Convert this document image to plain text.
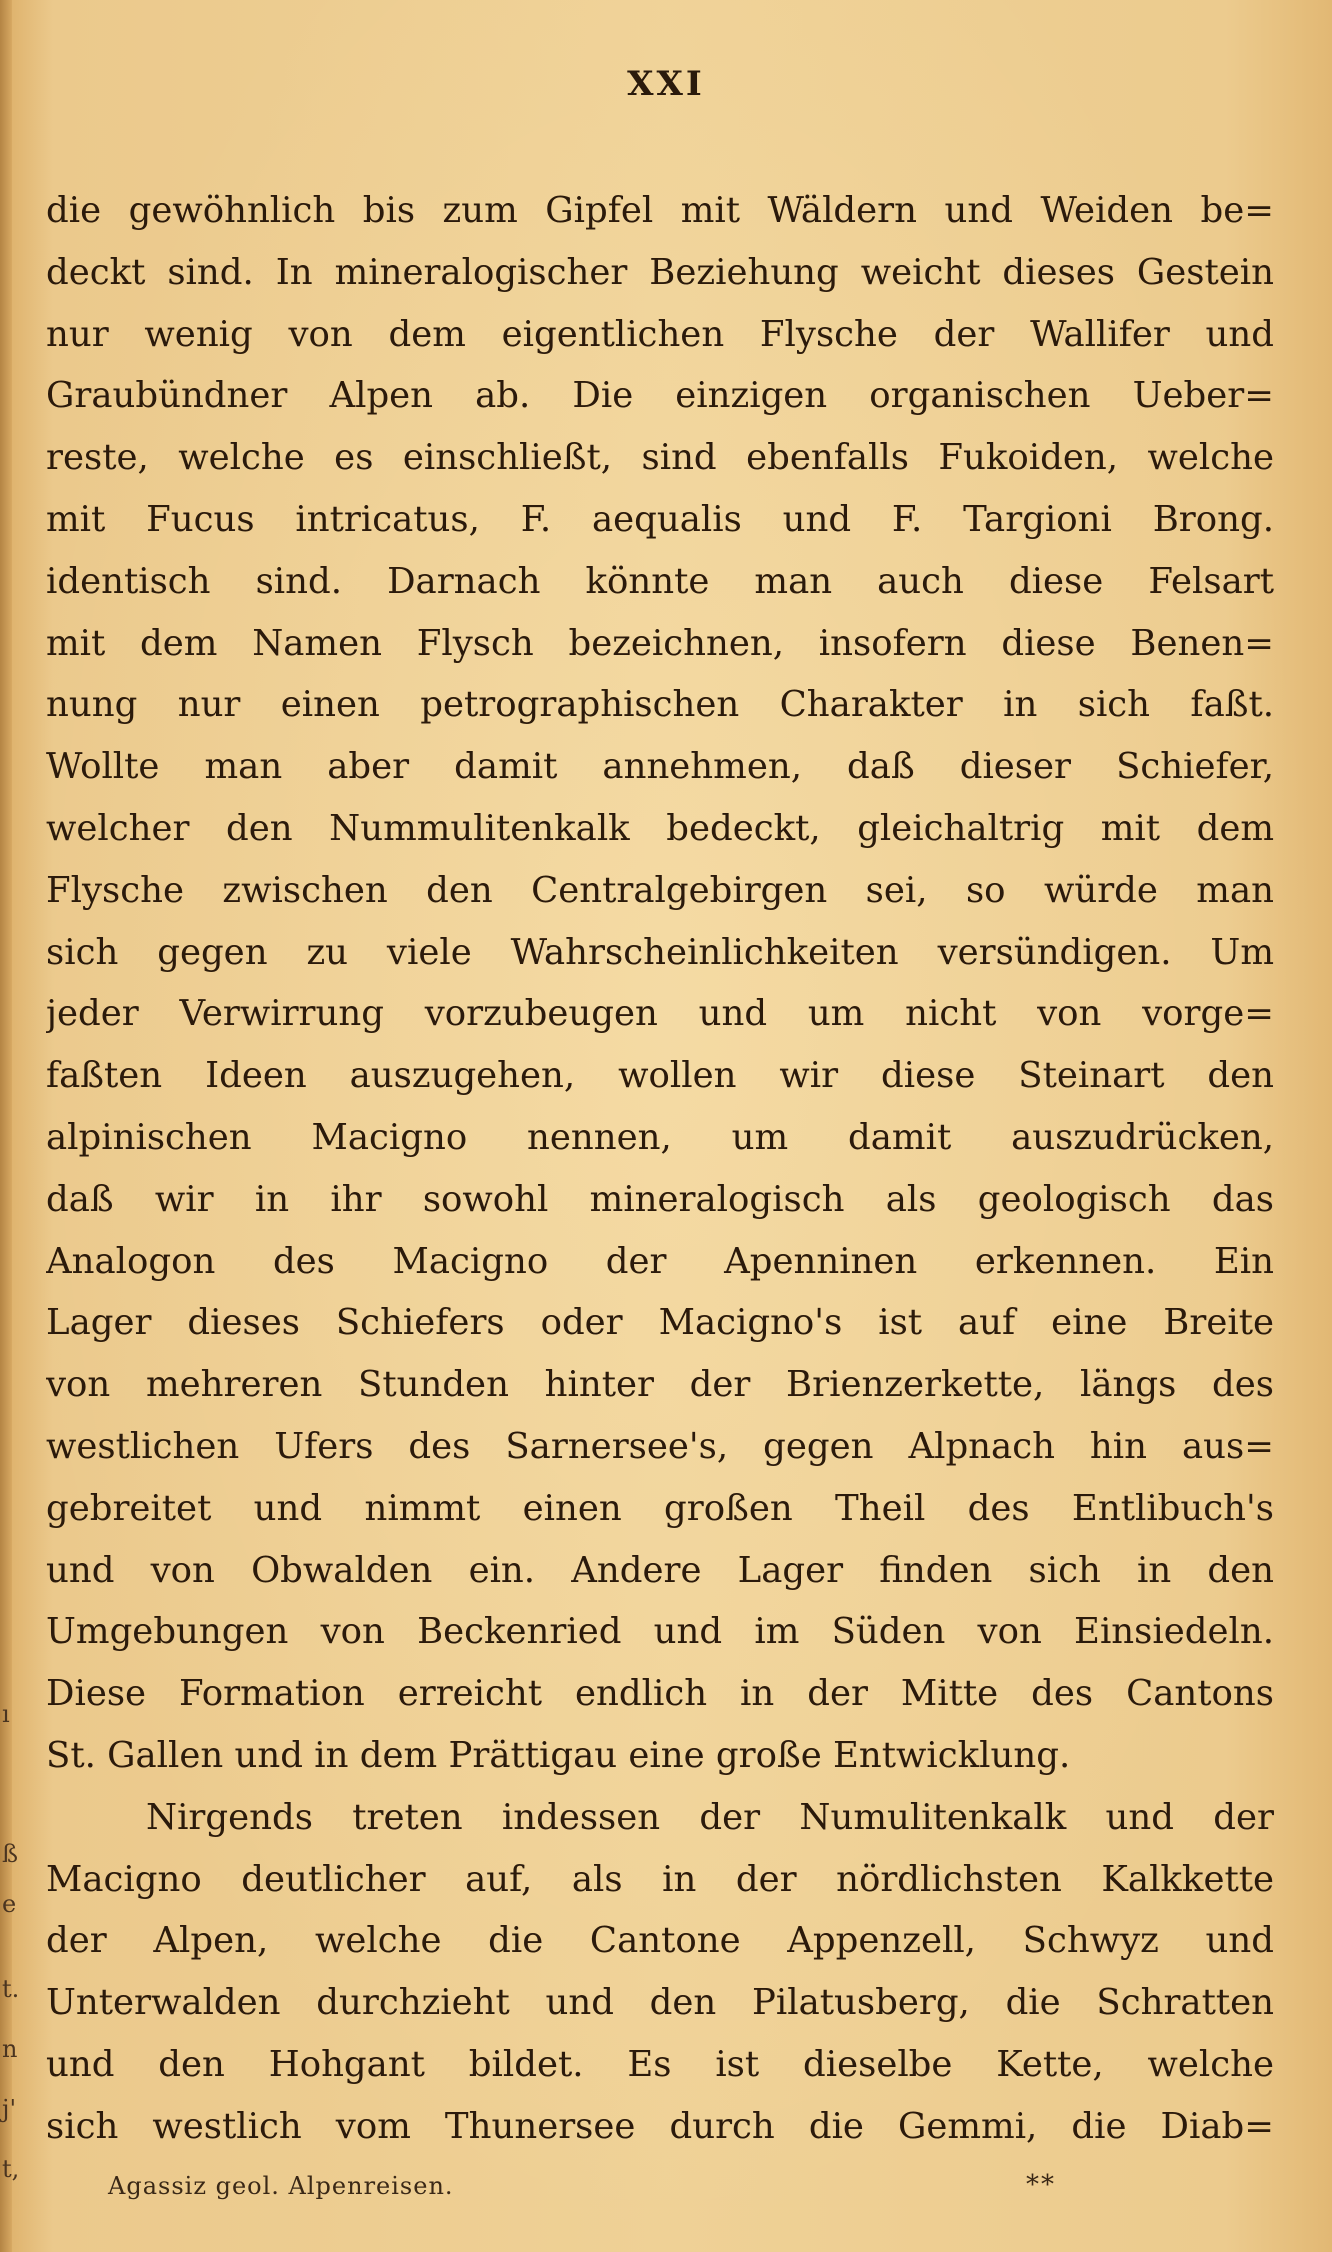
XXI
die gewöhnlich bis zum Gipfel mit Wäldern und Weiden be=
deckt sind. In mineralogischer Beziehung weicht dieses Gestein
nur wenig von dem eigentlichen Flysche der Wallifer und
Graubündner Alpen ab. Die einzigen organischen Ueber=
reste, welche es einschließt, sind ebenfalls Fukoiden, welche
mit Fucus intricatus, F. aequalis und F. Targioni Brong.
identisch sind. Darnach könnte man auch diese Felsart
mit dem Namen Flysch bezeichnen, insofern diese Benen=
nung nur einen petrographischen Charakter in sich faßt.
Wollte man aber damit annehmen, daß dieser Schiefer,
welcher den Nummulitenkalk bedeckt, gleichaltrig mit dem
Flysche zwischen den Centralgebirgen sei, so würde man
sich gegen zu viele Wahrscheinlichkeiten versündigen. Um
jeder Verwirrung vorzubeugen und um nicht von vorge=
faßten Ideen auszugehen, wollen wir diese Steinart den
alpinischen Macigno nennen, um damit auszudrücken,
daß wir in ihr sowohl mineralogisch als geologisch das
Analogon des Macigno der Apenninen erkennen. Ein
Lager dieses Schiefers oder Macigno's ist auf eine Breite
von mehreren Stunden hinter der Brienzerkette, längs des
westlichen Ufers des Sarnersee's, gegen Alpnach hin aus=
gebreitet und nimmt einen großen Theil des Entlibuch's
und von Obwalden ein. Andere Lager finden sich in den
Umgebungen von Beckenried und im Süden von Einsiedeln.
Diese Formation erreicht endlich in der Mitte des Cantons
St. Gallen und in dem Prättigau eine große Entwicklung.
Nirgends treten indessen der Numulitenkalk und der
Macigno deutlicher auf, als in der nördlichsten Kalkkette
der Alpen, welche die Cantone Appenzell, Schwyz und
Unterwalden durchzieht und den Pilatusberg, die Schratten
und den Hohgant bildet. Es ist dieselbe Kette, welche
sich westlich vom Thunersee durch die Gemmi, die Diab=
Agassiz geol. Alpenreisen.	**
ı
ß
e
t.
n
j'
t,
